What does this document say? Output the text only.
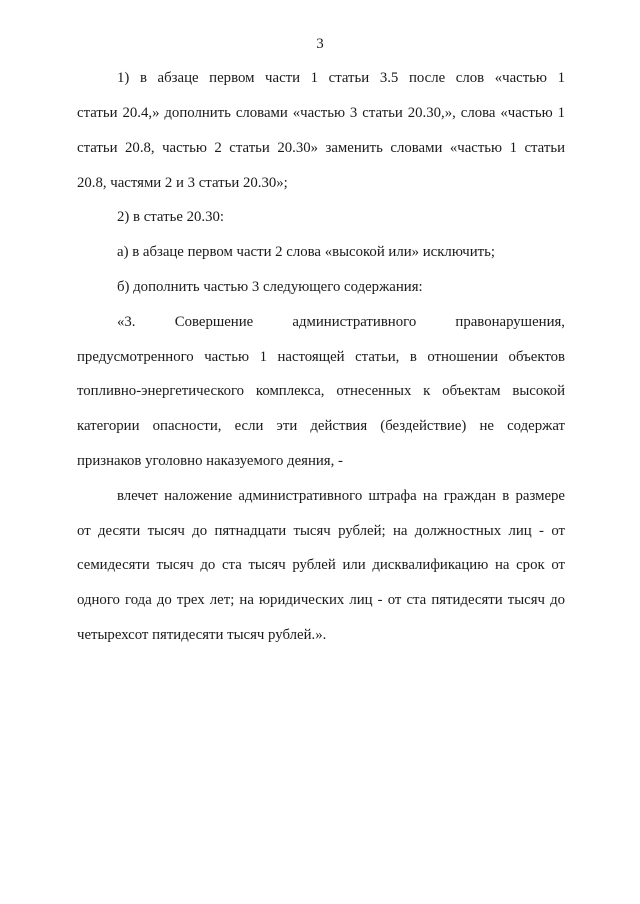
3
1) в абзаце первом части 1 статьи 3.5 после слов «частью 1
статьи 20.4,» дополнить словами «частью 3 статьи 20.30,», слова «частью 1
статьи 20.8, частью 2 статьи 20.30» заменить словами «частью 1 статьи
20.8, частями 2 и 3 статьи 20.30»;
2) в статье 20.30:
а) в абзаце первом части 2 слова «высокой или» исключить;
б) дополнить частью 3 следующего содержания:
«3. Совершение административного правонарушения,
предусмотренного частью 1 настоящей статьи, в отношении объектов
топливно-энергетического комплекса, отнесенных к объектам высокой
категории опасности, если эти действия (бездействие) не содержат
признаков уголовно наказуемого деяния, -
влечет наложение административного штрафа на граждан в размере
от десяти тысяч до пятнадцати тысяч рублей; на должностных лиц - от
семидесяти тысяч до ста тысяч рублей или дисквалификацию на срок от
одного года до трех лет; на юридических лиц - от ста пятидесяти тысяч до
четырехсот пятидесяти тысяч рублей.».
